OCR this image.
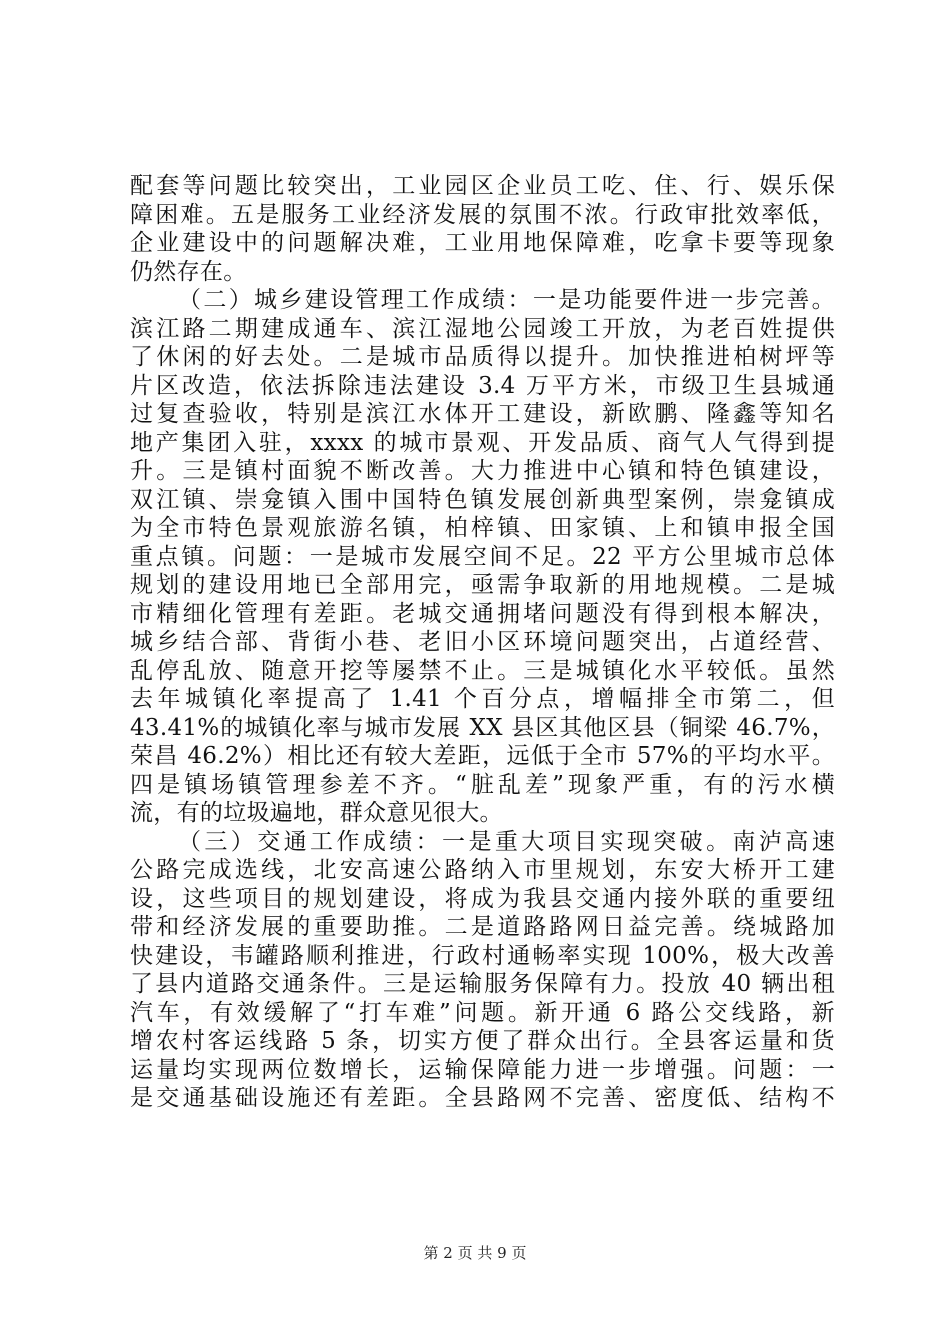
配套等问题比较突出，工业园区企业员工吃、住、行、娱乐保
障困难。五是服务工业经济发展的氛围不浓。行政审批效率低，
企业建设中的问题解决难，工业用地保障难，吃拿卡要等现象
仍然存在。
（二）城乡建设管理工作成绩：一是功能要件进一步完善。
滨江路二期建成通车、滨江湿地公园竣工开放，为老百姓提供
了休闲的好去处。二是城市品质得以提升。加快推进柏树坪等
片区改造，依法拆除违法建设 3.4 万平方米，市级卫生县城通
过复查验收，特别是滨江水体开工建设，新欧鹏、隆鑫等知名
地产集团入驻，xxxx 的城市景观、开发品质、商气人气得到提
升。三是镇村面貌不断改善。大力推进中心镇和特色镇建设，
双江镇、崇龛镇入围中国特色镇发展创新典型案例，崇龛镇成
为全市特色景观旅游名镇，柏梓镇、田家镇、上和镇申报全国
重点镇。问题：一是城市发展空间不足。22 平方公里城市总体
规划的建设用地已全部用完，亟需争取新的用地规模。二是城
市精细化管理有差距。老城交通拥堵问题没有得到根本解决，
城乡结合部、背街小巷、老旧小区环境问题突出，占道经营、
乱停乱放、随意开挖等屡禁不止。三是城镇化水平较低。虽然
去年城镇化率提高了 1.41 个百分点，增幅排全市第二，但
43.41%的城镇化率与城市发展 XX 县区其他区县（铜梁 46.7%，
荣昌 46.2%）相比还有较大差距，远低于全市 57%的平均水平。
四是镇场镇管理参差不齐。“脏乱差”现象严重，有的污水横
流，有的垃圾遍地，群众意见很大。
（三）交通工作成绩：一是重大项目实现突破。南泸高速
公路完成选线，北安高速公路纳入市里规划，东安大桥开工建
设，这些项目的规划建设，将成为我县交通内接外联的重要纽
带和经济发展的重要助推。二是道路路网日益完善。绕城路加
快建设，韦罐路顺利推进，行政村通畅率实现 100%，极大改善
了县内道路交通条件。三是运输服务保障有力。投放 40 辆出租
汽车，有效缓解了“打车难”问题。新开通 6 路公交线路，新
增农村客运线路 5 条，切实方便了群众出行。全县客运量和货
运量均实现两位数增长，运输保障能力进一步增强。问题：一
是交通基础设施还有差距。全县路网不完善、密度低、结构不
第 2 页 共 9 页
